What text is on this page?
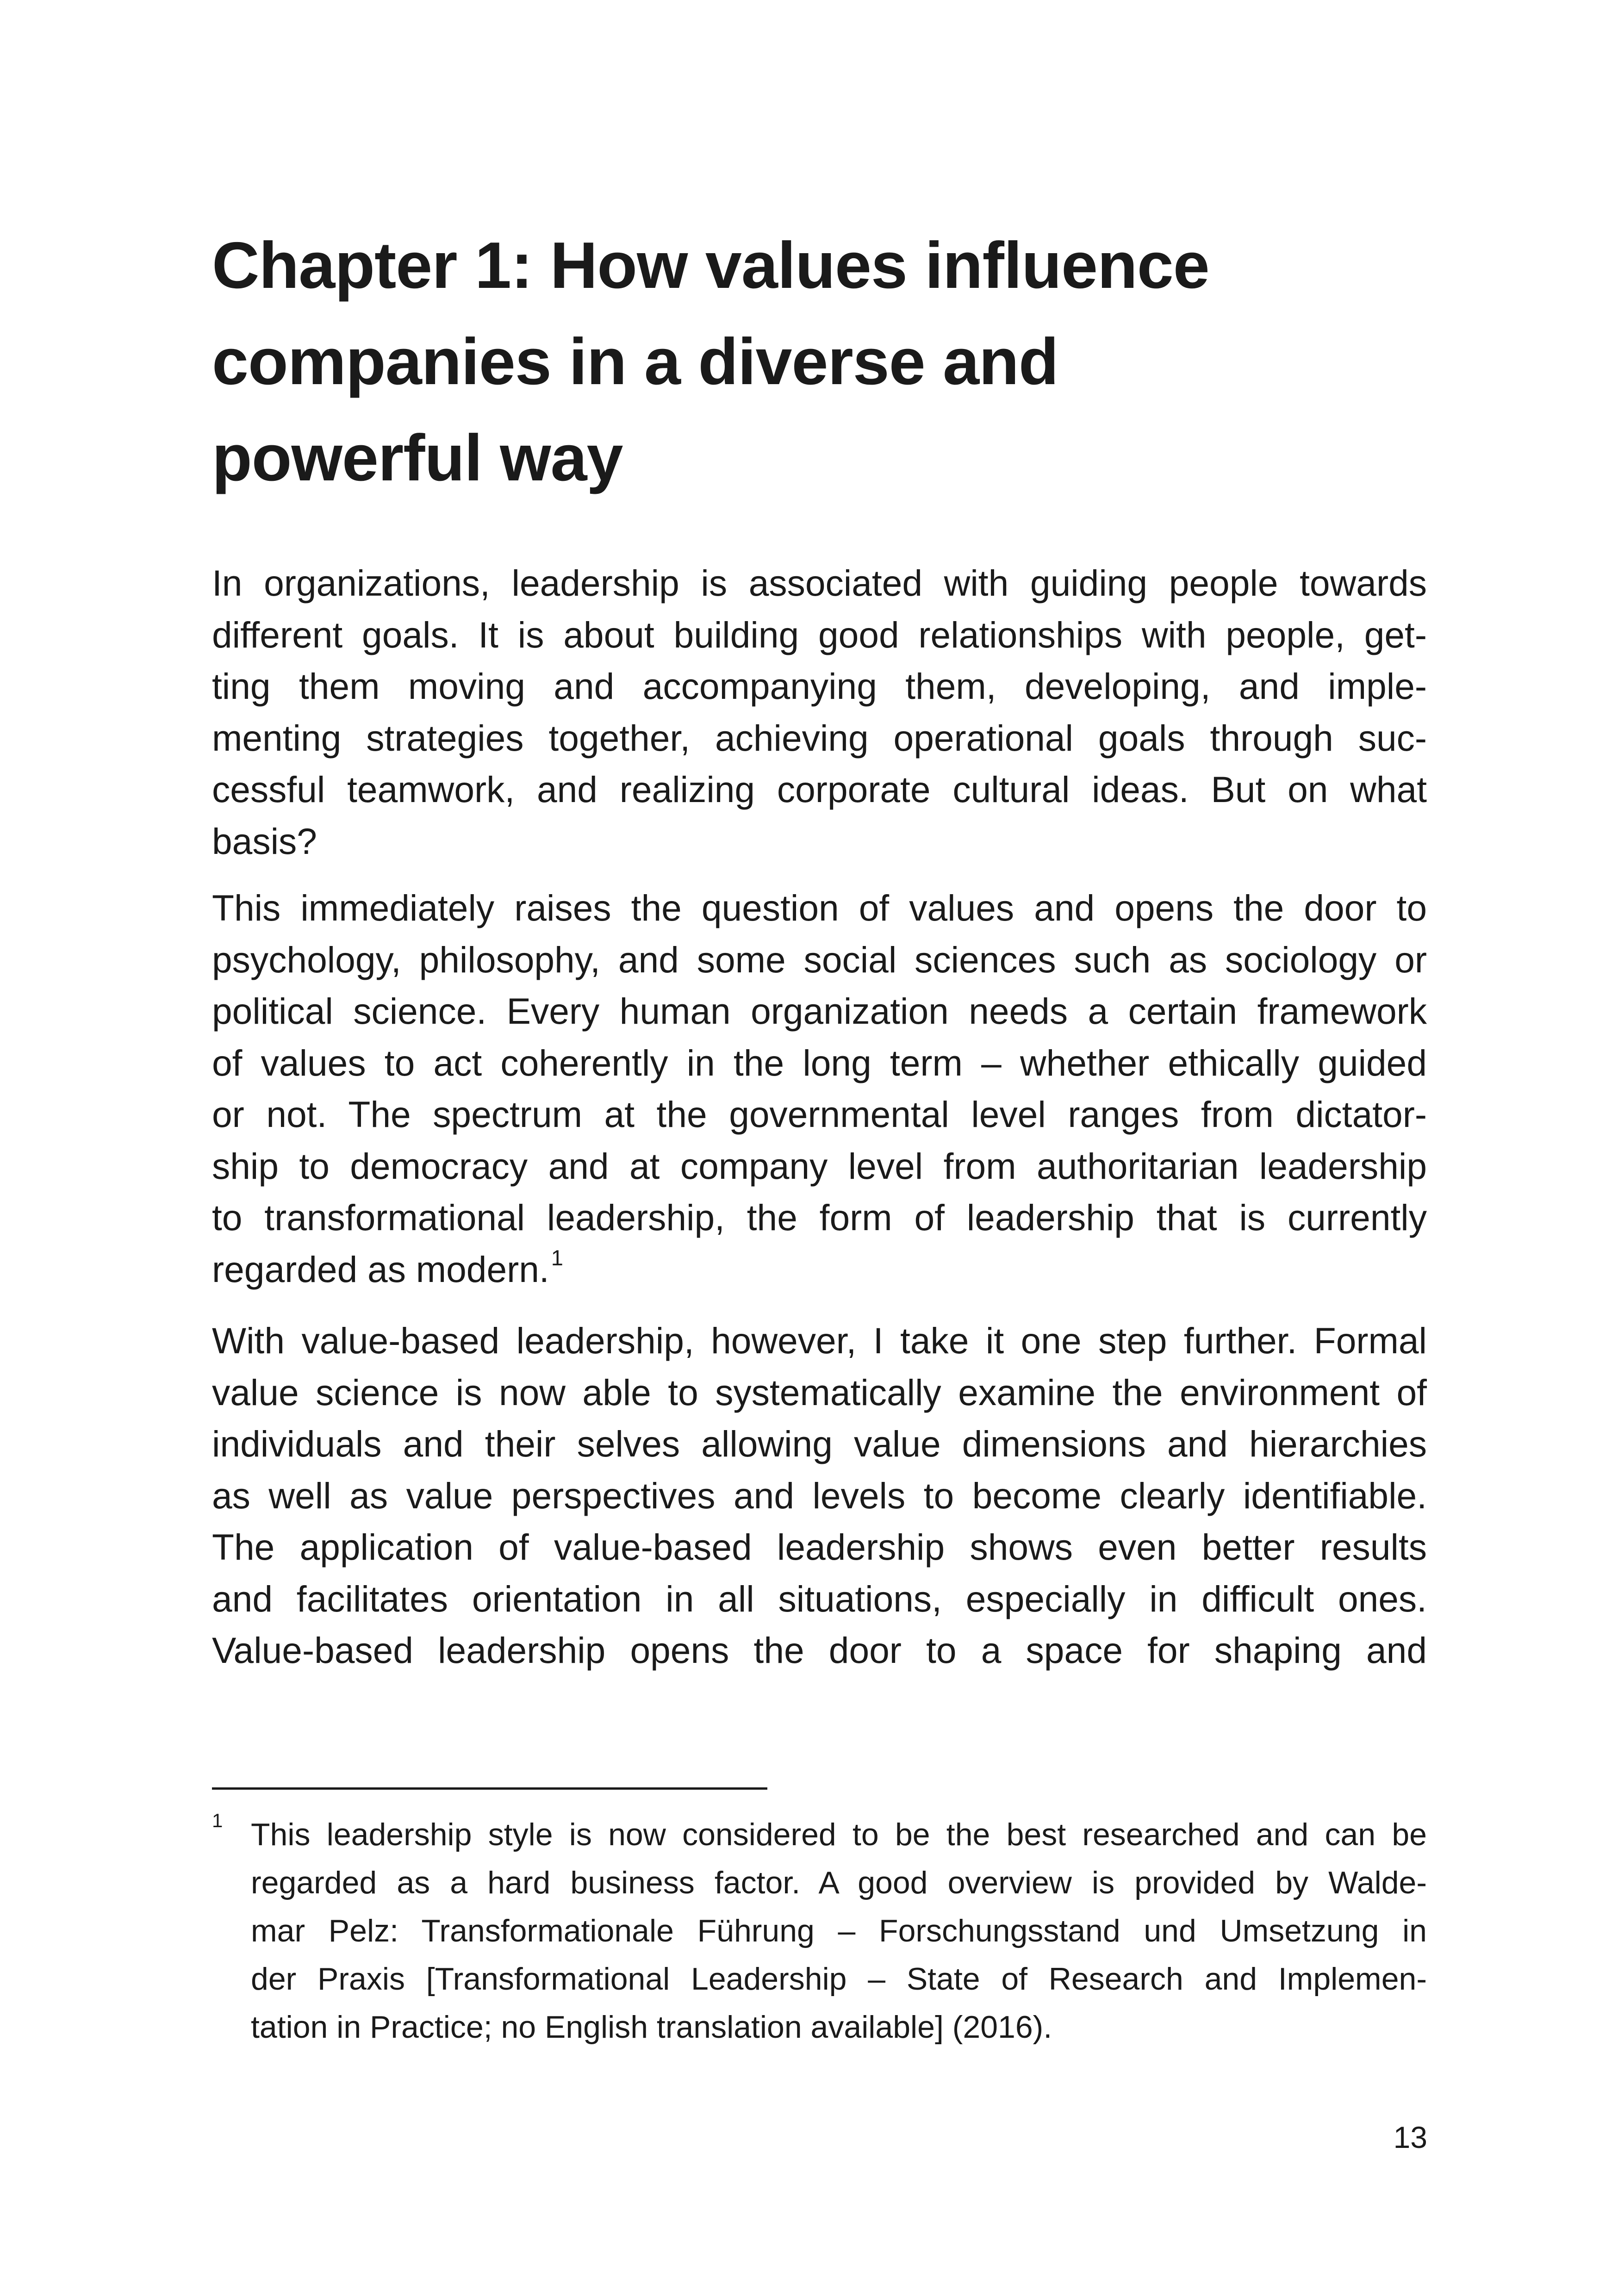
Chapter 1: How values influence
companies in a diverse and
powerful way

In organizations, leadership is associated with guiding people towards
different goals. It is about building good relationships with people, get-
ting them moving and accompanying them, developing, and imple-
menting strategies together, achieving operational goals through suc-
cessful teamwork, and realizing corporate cultural ideas. But on what
basis?

This immediately raises the question of values and opens the door to
psychology, philosophy, and some social sciences such as sociology or
political science. Every human organization needs a certain framework
of values to act coherently in the long term – whether ethically guided
or not. The spectrum at the governmental level ranges from dictator-
ship to democracy and at company level from authoritarian leadership
to transformational leadership, the form of leadership that is currently
regarded as modern.$^1$

With value-based leadership, however, I take it one step further. Formal
value science is now able to systematically examine the environment of
individuals and their selves allowing value dimensions and hierarchies
as well as value perspectives and levels to become clearly identifiable.
The application of value-based leadership shows even better results
and facilitates orientation in all situations, especially in difficult ones.
Value-based leadership opens the door to a space for shaping and

1 This leadership style is now considered to be the best researched and can be
regarded as a hard business factor. A good overview is provided by Walde-
mar Pelz: Transformationale Führung – Forschungsstand und Umsetzung in
der Praxis [Transformational Leadership – State of Research and Implemen-
tation in Practice; no English translation available] (2016).
13
